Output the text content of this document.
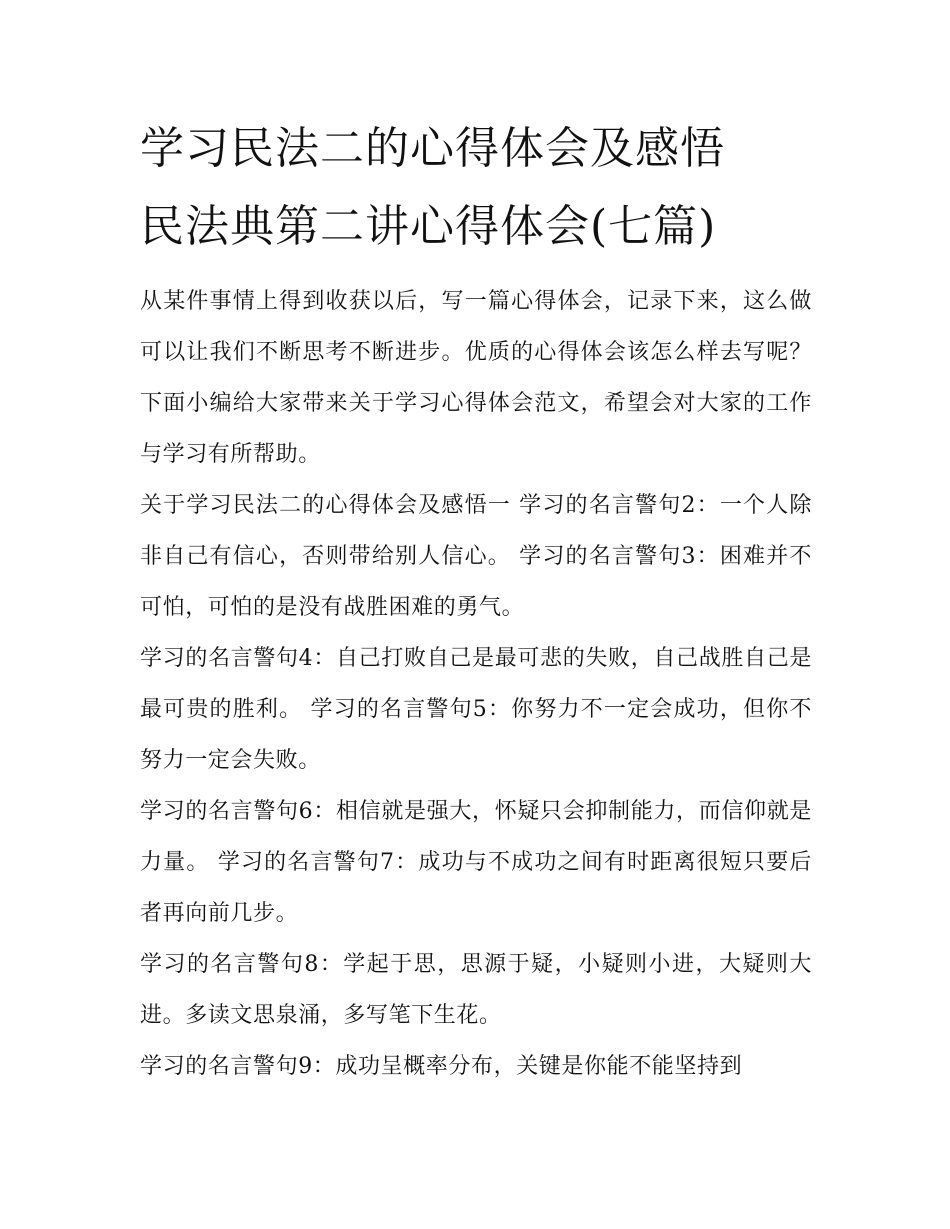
学习民法二的心得体会及感悟
民法典第二讲心得体会(七篇)

从某件事情上得到收获以后，写一篇心得体会，记录下来，这么做可以让我们不断思考不断进步。优质的心得体会该怎么样去写呢？下面小编给大家带来关于学习心得体会范文，希望会对大家的工作与学习有所帮助。

关于学习民法二的心得体会及感悟一 学习的名言警句2：一个人除非自己有信心，否则带给别人信心。 学习的名言警句3：困难并不可怕，可怕的是没有战胜困难的勇气。

学习的名言警句4：自己打败自己是最可悲的失败，自己战胜自己是最可贵的胜利。 学习的名言警句5：你努力不一定会成功，但你不努力一定会失败。

学习的名言警句6：相信就是强大，怀疑只会抑制能力，而信仰就是力量。 学习的名言警句7：成功与不成功之间有时距离很短只要后者再向前几步。

学习的名言警句8：学起于思，思源于疑，小疑则小进，大疑则大进。多读文思泉涌，多写笔下生花。

学习的名言警句9：成功呈概率分布，关键是你能不能坚持到
